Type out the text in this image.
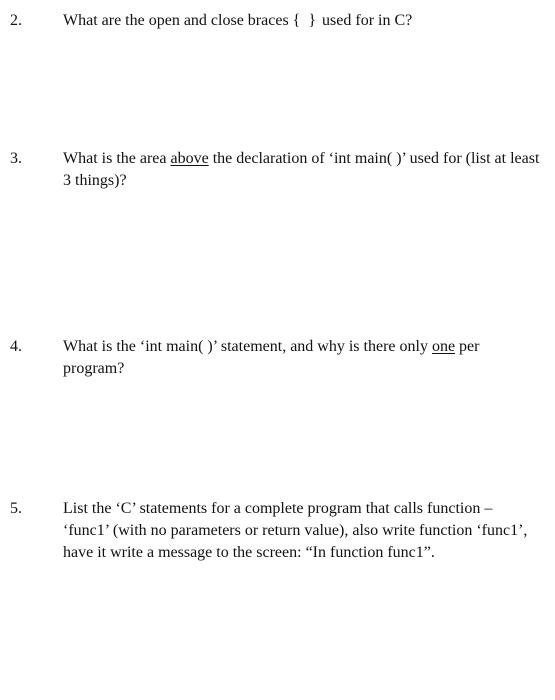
2.	What are the open and close braces { } used for in C?
3.	What is the area above the declaration of ‘int main( )’ used for (list at least 3 things)?
4.	What is the ‘int main( )’ statement, and why is there only one per program?
5.	List the ‘C’ statements for a complete program that calls function – ‘func1’ (with no parameters or return value), also write function ‘func1’, have it write a message to the screen: “In function func1”.
